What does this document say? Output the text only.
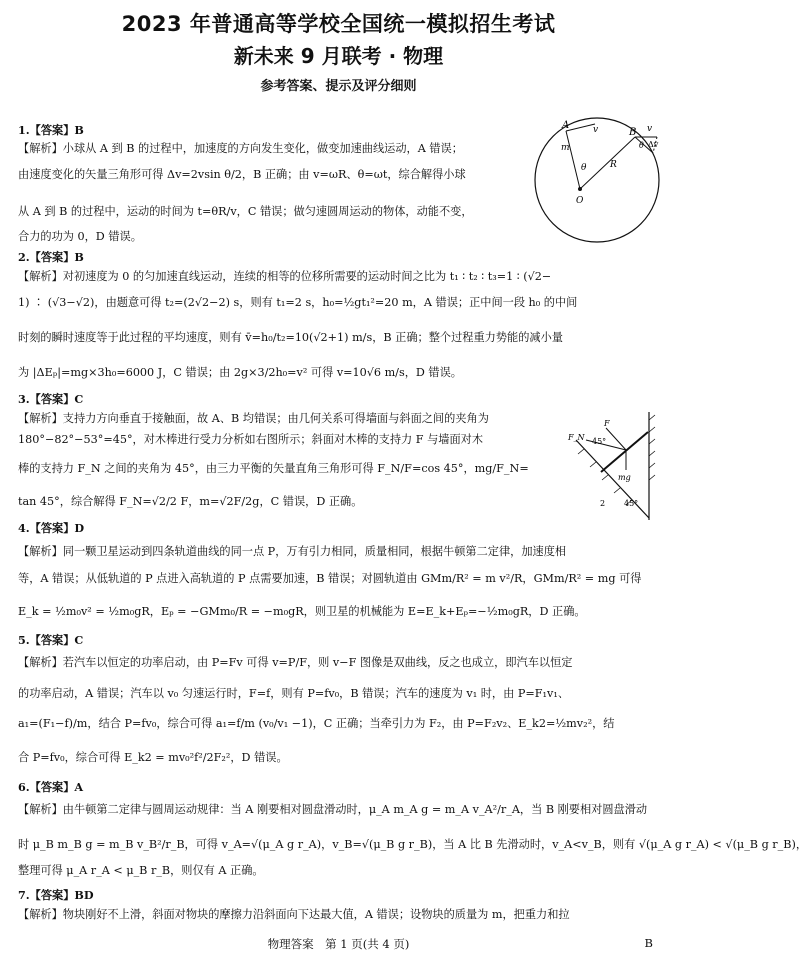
2023 年普通高等学校全国统一模拟招生考试
新未来 9 月联考 · 物理
参考答案、提示及评分细则
1.【答案】B
【解析】小球从 A 到 B 的过程中，加速度的方向发生变化，做变加速曲线运动，A 错误；
由速度变化的矢量三角形可得 Δv=2vsin θ/2，B 正确；由 v=ωR、θ=ωt，综合解得小球
从 A 到 B 的过程中，运动的时间为 t=θR/v，C 错误；做匀速圆周运动的物体，动能不变，
合力的功为 0，D 错误。
A
B
v	v
Δv
m
θ
θ
R
O
2.【答案】B
【解析】对初速度为 0 的匀加速直线运动，连续的相等的位移所需要的运动时间之比为 t₁ ∶ t₂ ∶ t₃=1 ∶ (√2−
1) ∶ (√3−√2)，由题意可得 t₂=(2√2−2) s，则有 t₁=2 s，h₀=½gt₁²=20 m，A 错误；正中间一段 h₀ 的中间
时刻的瞬时速度等于此过程的平均速度，则有 v̄=h₀/t₂=10(√2+1) m/s，B 正确；整个过程重力势能的减小量
为 |ΔEₚ|=mg×3h₀=6000 J，C 错误；由 2g×3/2h₀=v² 可得 v=10√6 m/s，D 错误。
3.【答案】C
【解析】支持力方向垂直于接触面，故 A、B 均错误；由几何关系可得墙面与斜面之间的夹角为
180°−82°−53°=45°，对木棒进行受力分析如右图所示；斜面对木棒的支持力 F 与墙面对木
棒的支持力 F_N 之间的夹角为 45°，由三力平衡的矢量直角三角形可得 F_N/F=cos 45°，mg/F_N=
tan 45°，综合解得 F_N=√2/2 F，m=√2F/2g，C 错误，D 正确。
F_N
F
45°
mg
2 45°
4.【答案】D
【解析】同一颗卫星运动到四条轨道曲线的同一点 P，万有引力相同，质量相同，根据牛顿第二定律，加速度相
等，A 错误；从低轨道的 P 点进入高轨道的 P 点需要加速，B 错误；对圆轨道由 GMm/R² = m v²/R，GMm/R² = mg 可得
E_k = ½m₀v² = ½m₀gR，Eₚ = −GMm₀/R = −m₀gR，则卫星的机械能为 E=E_k+Eₚ=−½m₀gR，D 正确。
5.【答案】C
【解析】若汽车以恒定的功率启动，由 P=Fv 可得 v=P/F，则 v−F 图像是双曲线，反之也成立，即汽车以恒定
的功率启动，A 错误；汽车以 v₀ 匀速运行时，F=f，则有 P=fv₀，B 错误；汽车的速度为 v₁ 时，由 P=F₁v₁、
a₁=(F₁−f)/m，结合 P=fv₀，综合可得 a₁=f/m (v₀/v₁ −1)，C 正确；当牵引力为 F₂，由 P=F₂v₂、E_k2=½mv₂²，结
合 P=fv₀，综合可得 E_k2 = mv₀²f²/2F₂²，D 错误。
6.【答案】A
【解析】由牛顿第二定律与圆周运动规律：当 A 刚要相对圆盘滑动时，μ_A m_A g = m_A v_A²/r_A，当 B 刚要相对圆盘滑动
时 μ_B m_B g = m_B v_B²/r_B，可得 v_A=√(μ_A g r_A)，v_B=√(μ_B g r_B)，当 A 比 B 先滑动时，v_A<v_B，则有 √(μ_A g r_A) < √(μ_B g r_B)，
整理可得 μ_A r_A < μ_B r_B，则仅有 A 正确。
7.【答案】BD
【解析】物块刚好不上滑，斜面对物块的摩擦力沿斜面向下达最大值，A 错误；设物块的质量为 m，把重力和拉
物理答案　第 1 页(共 4 页)	B
